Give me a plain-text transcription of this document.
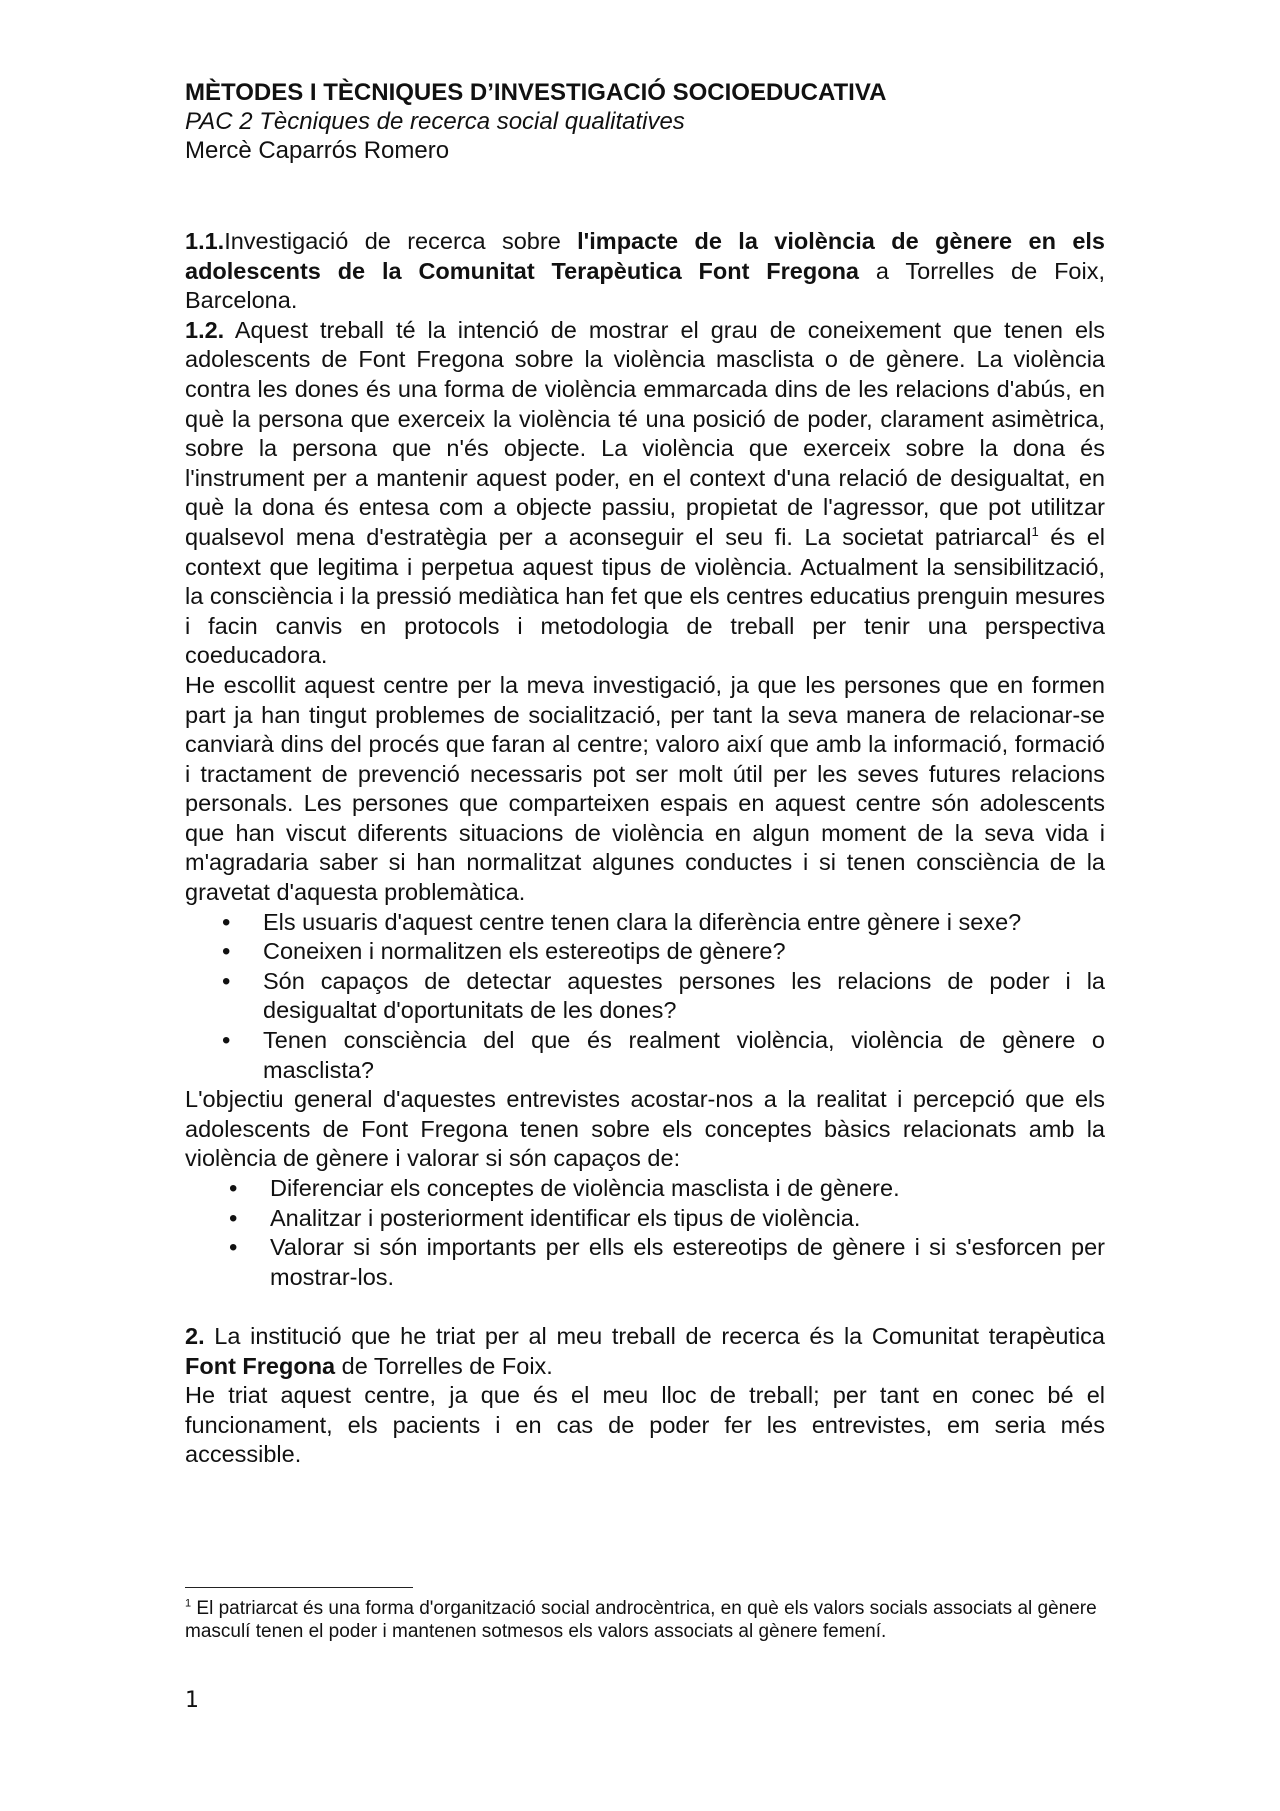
MÈTODES I TÈCNIQUES D’INVESTIGACIÓ SOCIOEDUCATIVA
PAC 2 Tècniques de recerca social qualitatives
Mercè Caparrós Romero

1.1.Investigació de recerca sobre l'impacte de la violència de gènere en els adolescents de la Comunitat Terapèutica Font Fregona a Torrelles de Foix, Barcelona.

1.2. Aquest treball té la intenció de mostrar el grau de coneixement que tenen els adolescents de Font Fregona sobre la violència masclista o de gènere. La violència contra les dones és una forma de violència emmarcada dins de les relacions d'abús, en què la persona que exerceix la violència té una posició de poder, clarament asimètrica, sobre la persona que n'és objecte. La violència que exerceix sobre la dona és l'instrument per a mantenir aquest poder, en el context d'una relació de desigualtat, en què la dona és entesa com a objecte passiu, propietat de l'agressor, que pot utilitzar qualsevol mena d'estratègia per a aconseguir el seu fi. La societat patriarcal$^1$ és el context que legitima i perpetua aquest tipus de violència. Actualment la sensibilització, la consciència i la pressió mediàtica han fet que els centres educatius prenguin mesures i facin canvis en protocols i metodologia de treball per tenir una perspectiva coeducadora.

He escollit aquest centre per la meva investigació, ja que les persones que en formen part ja han tingut problemes de socialització, per tant la seva manera de relacionar-se canviarà dins del procés que faran al centre; valoro així que amb la informació, formació i tractament de prevenció necessaris pot ser molt útil per les seves futures relacions personals. Les persones que comparteixen espais en aquest centre són adolescents que han viscut diferents situacions de violència en algun moment de la seva vida i m'agradaria saber si han normalitzat algunes conductes i si tenen consciència de la gravetat d'aquesta problemàtica.

• Els usuaris d'aquest centre tenen clara la diferència entre gènere i sexe?
• Coneixen i normalitzen els estereotips de gènere?
• Són capaços de detectar aquestes persones les relacions de poder i la desigualtat d'oportunitats de les dones?
• Tenen consciència del que és realment violència, violència de gènere o masclista?

L'objectiu general d'aquestes entrevistes acostar-nos a la realitat i percepció que els adolescents de Font Fregona tenen sobre els conceptes bàsics relacionats amb la violència de gènere i valorar si són capaços de:

• Diferenciar els conceptes de violència masclista i de gènere.
• Analitzar i posteriorment identificar els tipus de violència.
• Valorar si són importants per ells els estereotips de gènere i si s'esforcen per mostrar-los.

2. La institució que he triat per al meu treball de recerca és la Comunitat terapèutica Font Fregona de Torrelles de Foix.

He triat aquest centre, ja que és el meu lloc de treball; per tant en conec bé el funcionament, els pacients i en cas de poder fer les entrevistes, em seria més accessible.

$^1$ El patriarcat és una forma d'organització social androcèntrica, en què els valors socials associats al gènere masculí tenen el poder i mantenen sotmesos els valors associats al gènere femení.
1
